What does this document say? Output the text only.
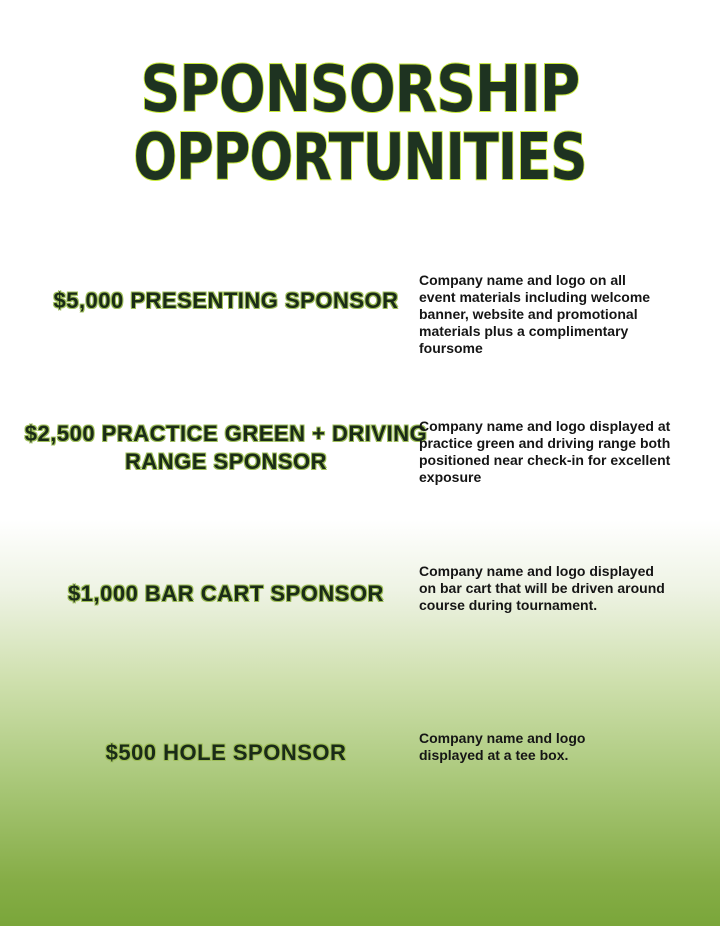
SPONSORSHIP
OPPORTUNITIES
$5,000 PRESENTING SPONSOR

Company name and logo on all event materials including welcome banner, website and promotional materials plus a complimentary foursome

$2,500 PRACTICE GREEN + DRIVING RANGE SPONSOR

Company name and logo displayed at practice green and driving range both positioned near check-in for excellent exposure

$1,000 BAR CART SPONSOR

Company name and logo displayed on bar cart that will be driven around course during tournament.

$500 HOLE SPONSOR

Company name and logo displayed at a tee box.
